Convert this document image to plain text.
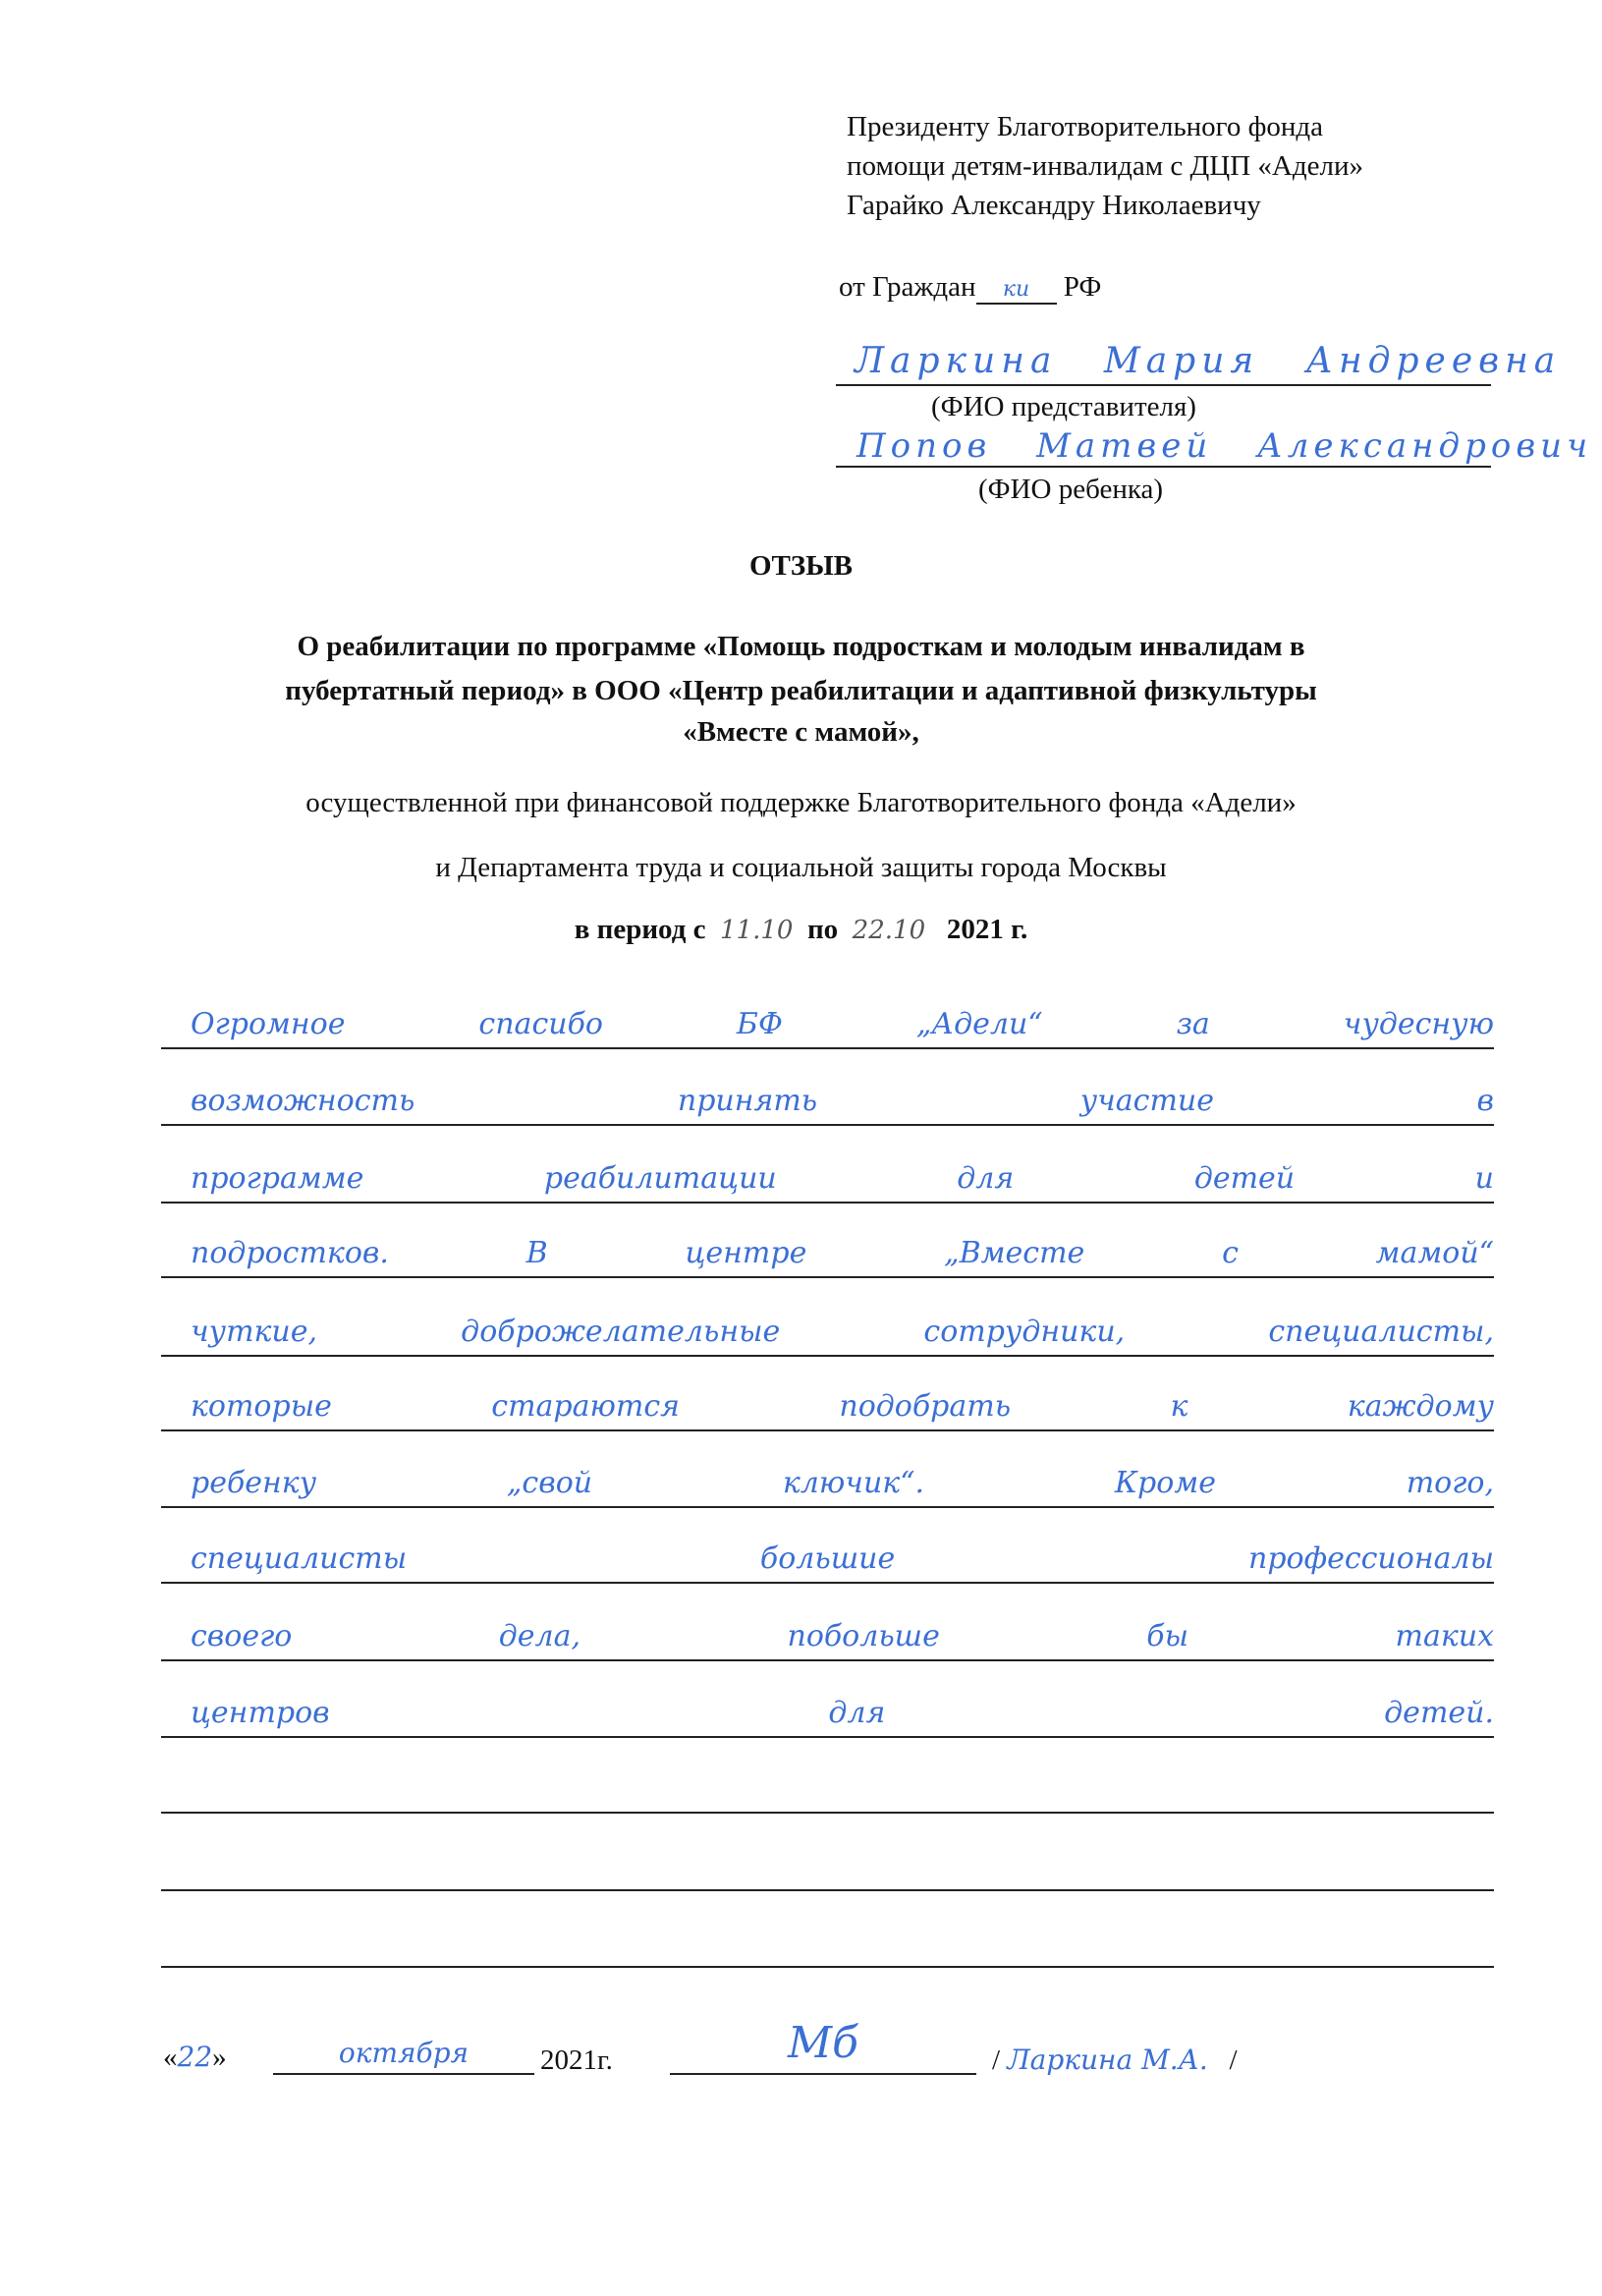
Президенту Благотворительного фонда
помощи детям-инвалидам с ДЦП «Адели»
Гарайко Александру Николаевичу
от Граждан ки РФ
Ларкина Мария Андреевна
(ФИО представителя)
Попов Матвей Александрович
(ФИО ребенка)
ОТЗЫВ
О реабилитации по программе «Помощь подросткам и молодым инвалидам в
пубертатный период» в ООО «Центр реабилитации и адаптивной физкультуры
«Вместе с мамой»,
осуществленной при финансовой поддержке Благотворительного фонда «Адели»
и Департамента труда и социальной защиты города Москвы
в период с 11.10 по 22.10 2021 г.
Огромное спасибо БФ „Адели“ за чудесную
возможность принять участие в
программе реабилитации для детей и
подростков. В центре „Вместе с мамой“
чуткие, доброжелательные сотрудники, специалисты,
которые стараются подобрать к каждому
ребенку „свой ключик“. Кроме того,
специалисты большие профессионалы
своего дела, побольше бы таких
центров для детей.
«22»	октября	2021г.	Мб	/ Ларкина М.А. /
